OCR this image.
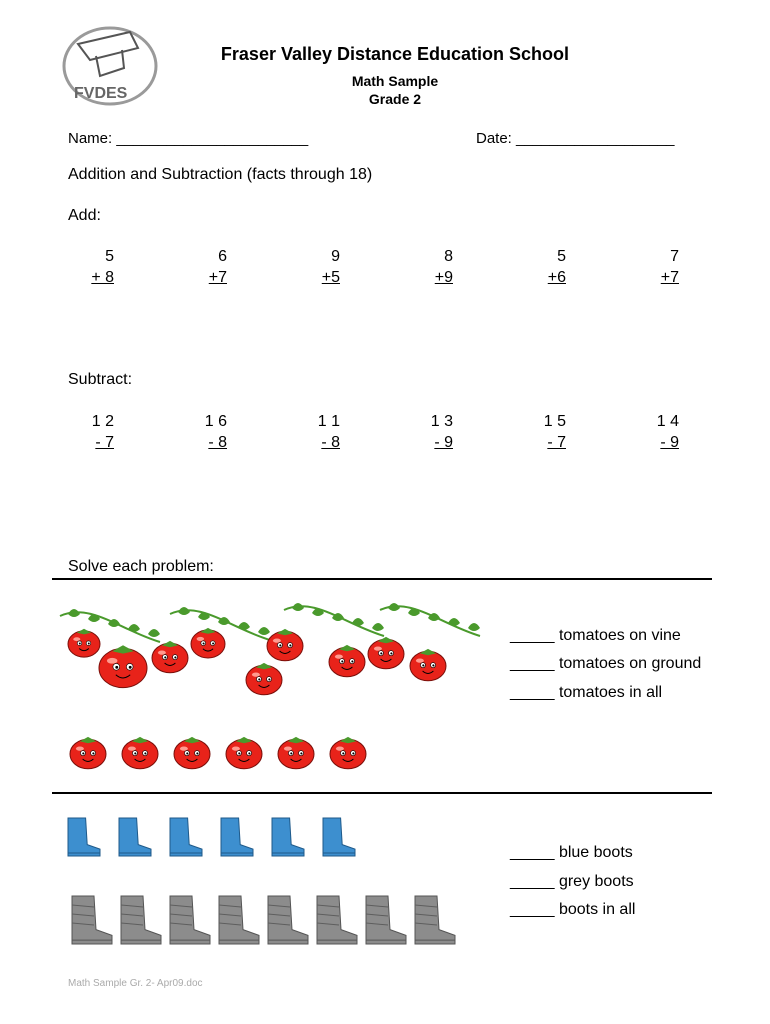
FVDES
Fraser Valley Distance Education School
Math Sample
Grade 2
Name: _______________________	Date: ___________________
Addition and Subtraction (facts through 18)
Add:
5
+ 8
6
+7
9
+5
8
+9
5
+6
7
+7
Subtract:
1 2
- 7
1 6
- 8
1 1
- 8
1 3
- 9
1 5
- 7
1 4
- 9
Solve each problem:
_____ tomatoes on vine
_____ tomatoes on ground
_____ tomatoes in all
_____ blue boots
_____ grey boots
_____ boots in all
Math Sample Gr. 2- Apr09.doc
